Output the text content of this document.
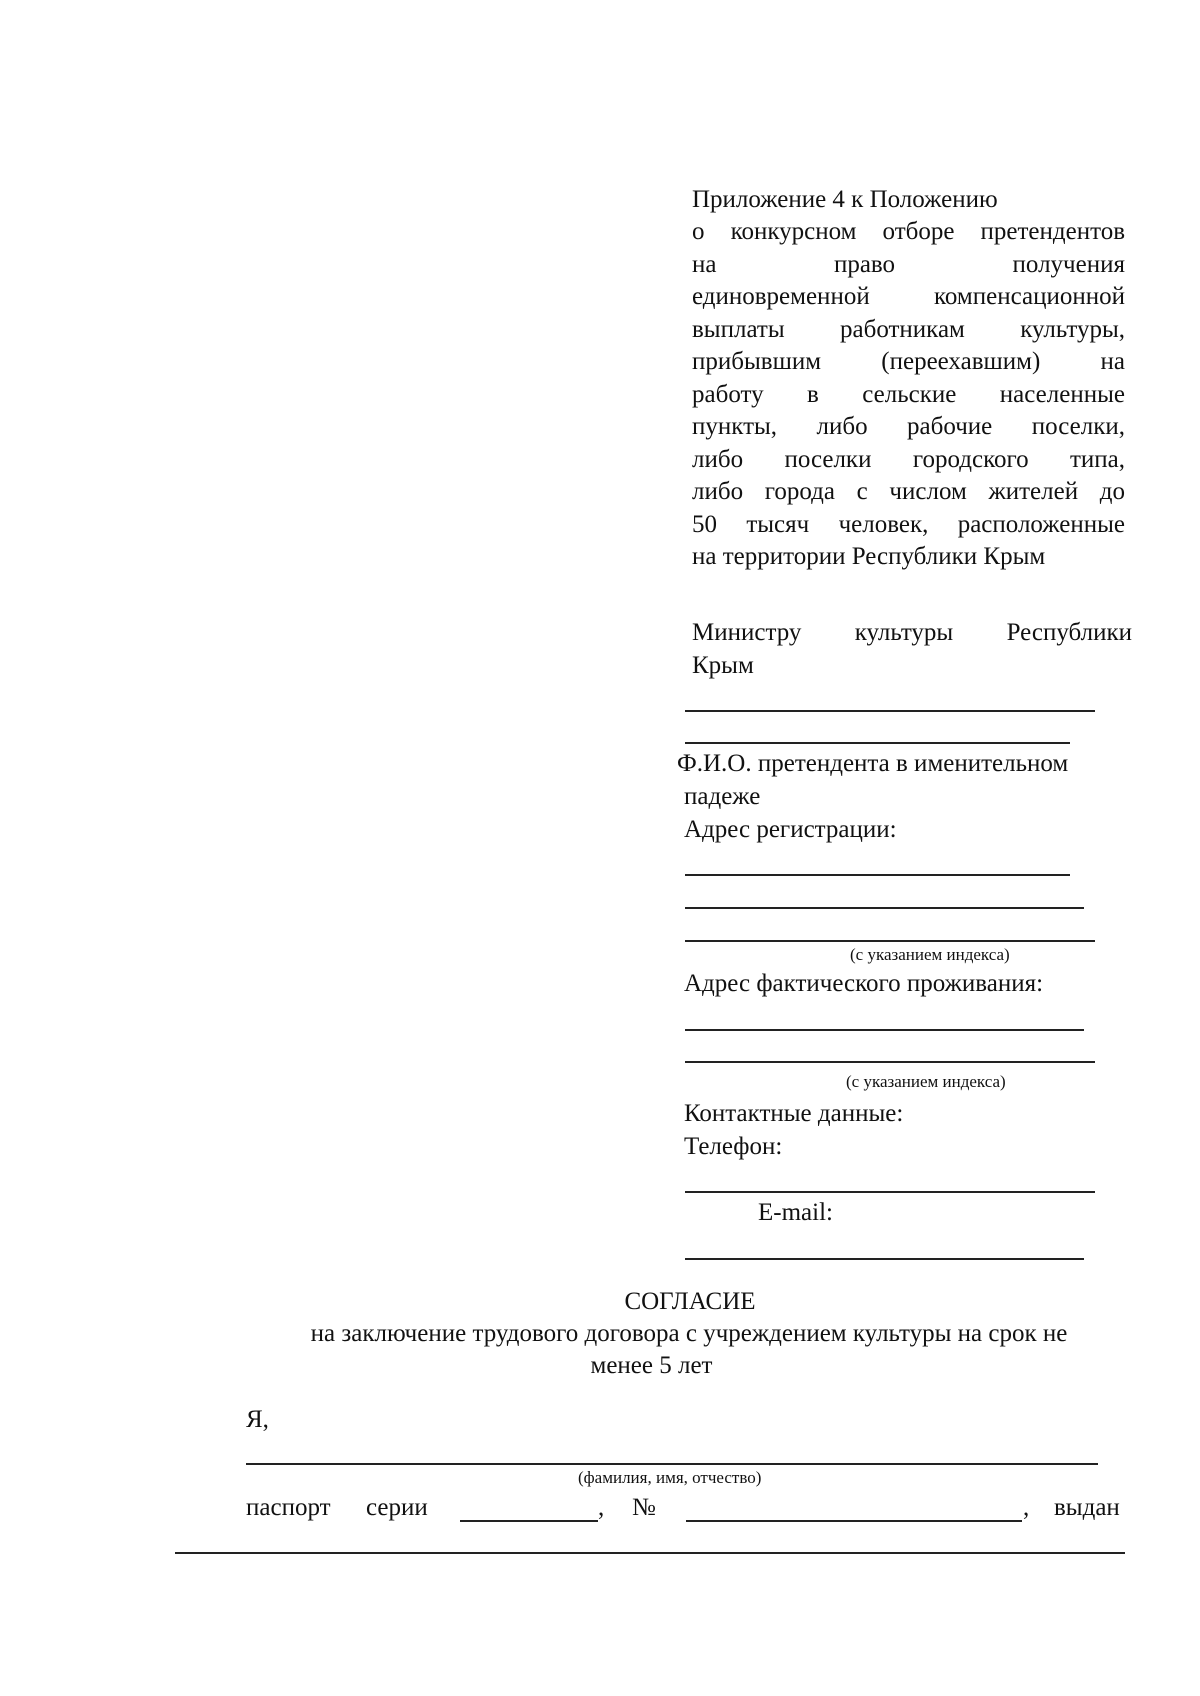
Приложение 4 к Положению
о конкурсном отборе претендентов
на право получения
единовременной компенсационной
выплаты работникам культуры,
прибывшим (переехавшим) на
работу в сельские населенные
пункты, либо рабочие поселки,
либо поселки городского типа,
либо города с числом жителей до
50 тысяч человек, расположенные
на территории Республики Крым
Министру культуры Республики
Крым
Ф.И.О. претендента в именительном
падеже
Адрес регистрации:
(с указанием индекса)
Адрес фактического проживания:
(с указанием индекса)
Контактные данные:
Телефон:
E-mail:
СОГЛАСИЕ
на заключение трудового договора с учреждением культуры на срок не
менее 5 лет
Я,
(фамилия, имя, отчество)
паспорт серии	, №	, выдан
